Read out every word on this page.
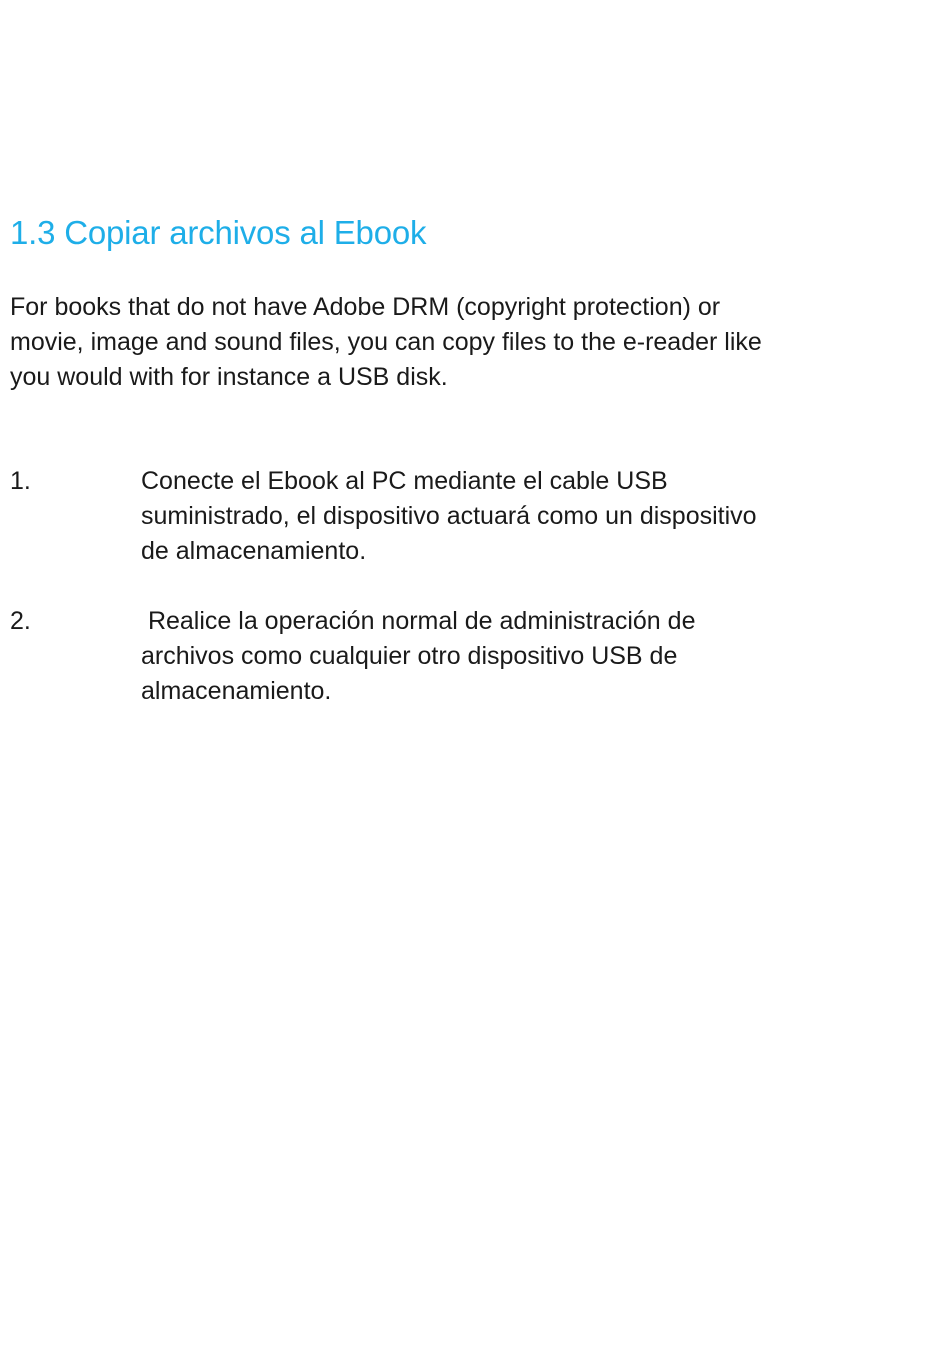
1.3 Copiar archivos al Ebook

For books that do not have Adobe DRM (copyright protection) or
movie, image and sound files, you can copy files to the e-reader like
you would with for instance a USB disk.

1.	Conecte el Ebook al PC mediante el cable USB
suministrado, el dispositivo actuará como un dispositivo
de almacenamiento.

2.	Realice la operación normal de administración de
archivos como cualquier otro dispositivo USB de
almacenamiento.
